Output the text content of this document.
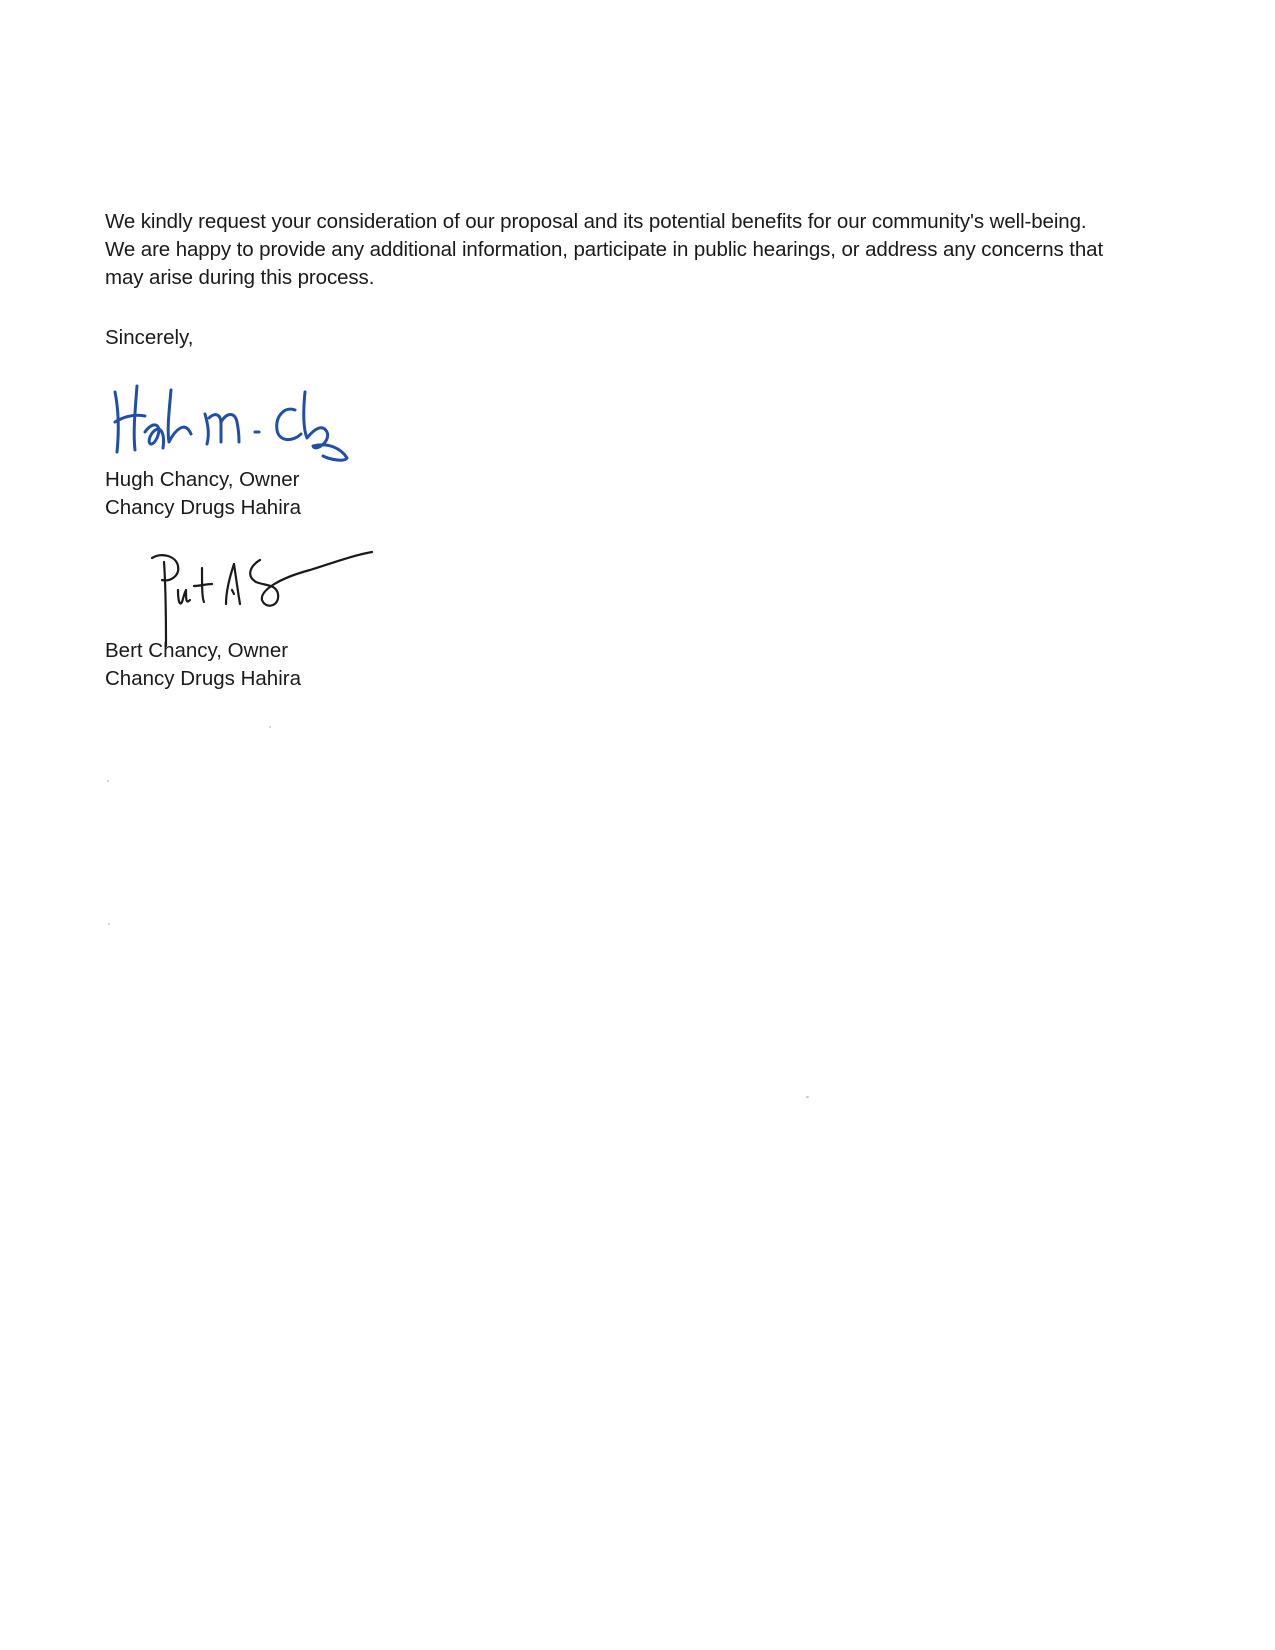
We kindly request your consideration of our proposal and its potential benefits for our community's well-being. We are happy to provide any additional information, participate in public hearings, or address any concerns that may arise during this process.

Sincerely,

Hugh Chancy, Owner
Chancy Drugs Hahira
Bert Chancy, Owner
Chancy Drugs Hahira
